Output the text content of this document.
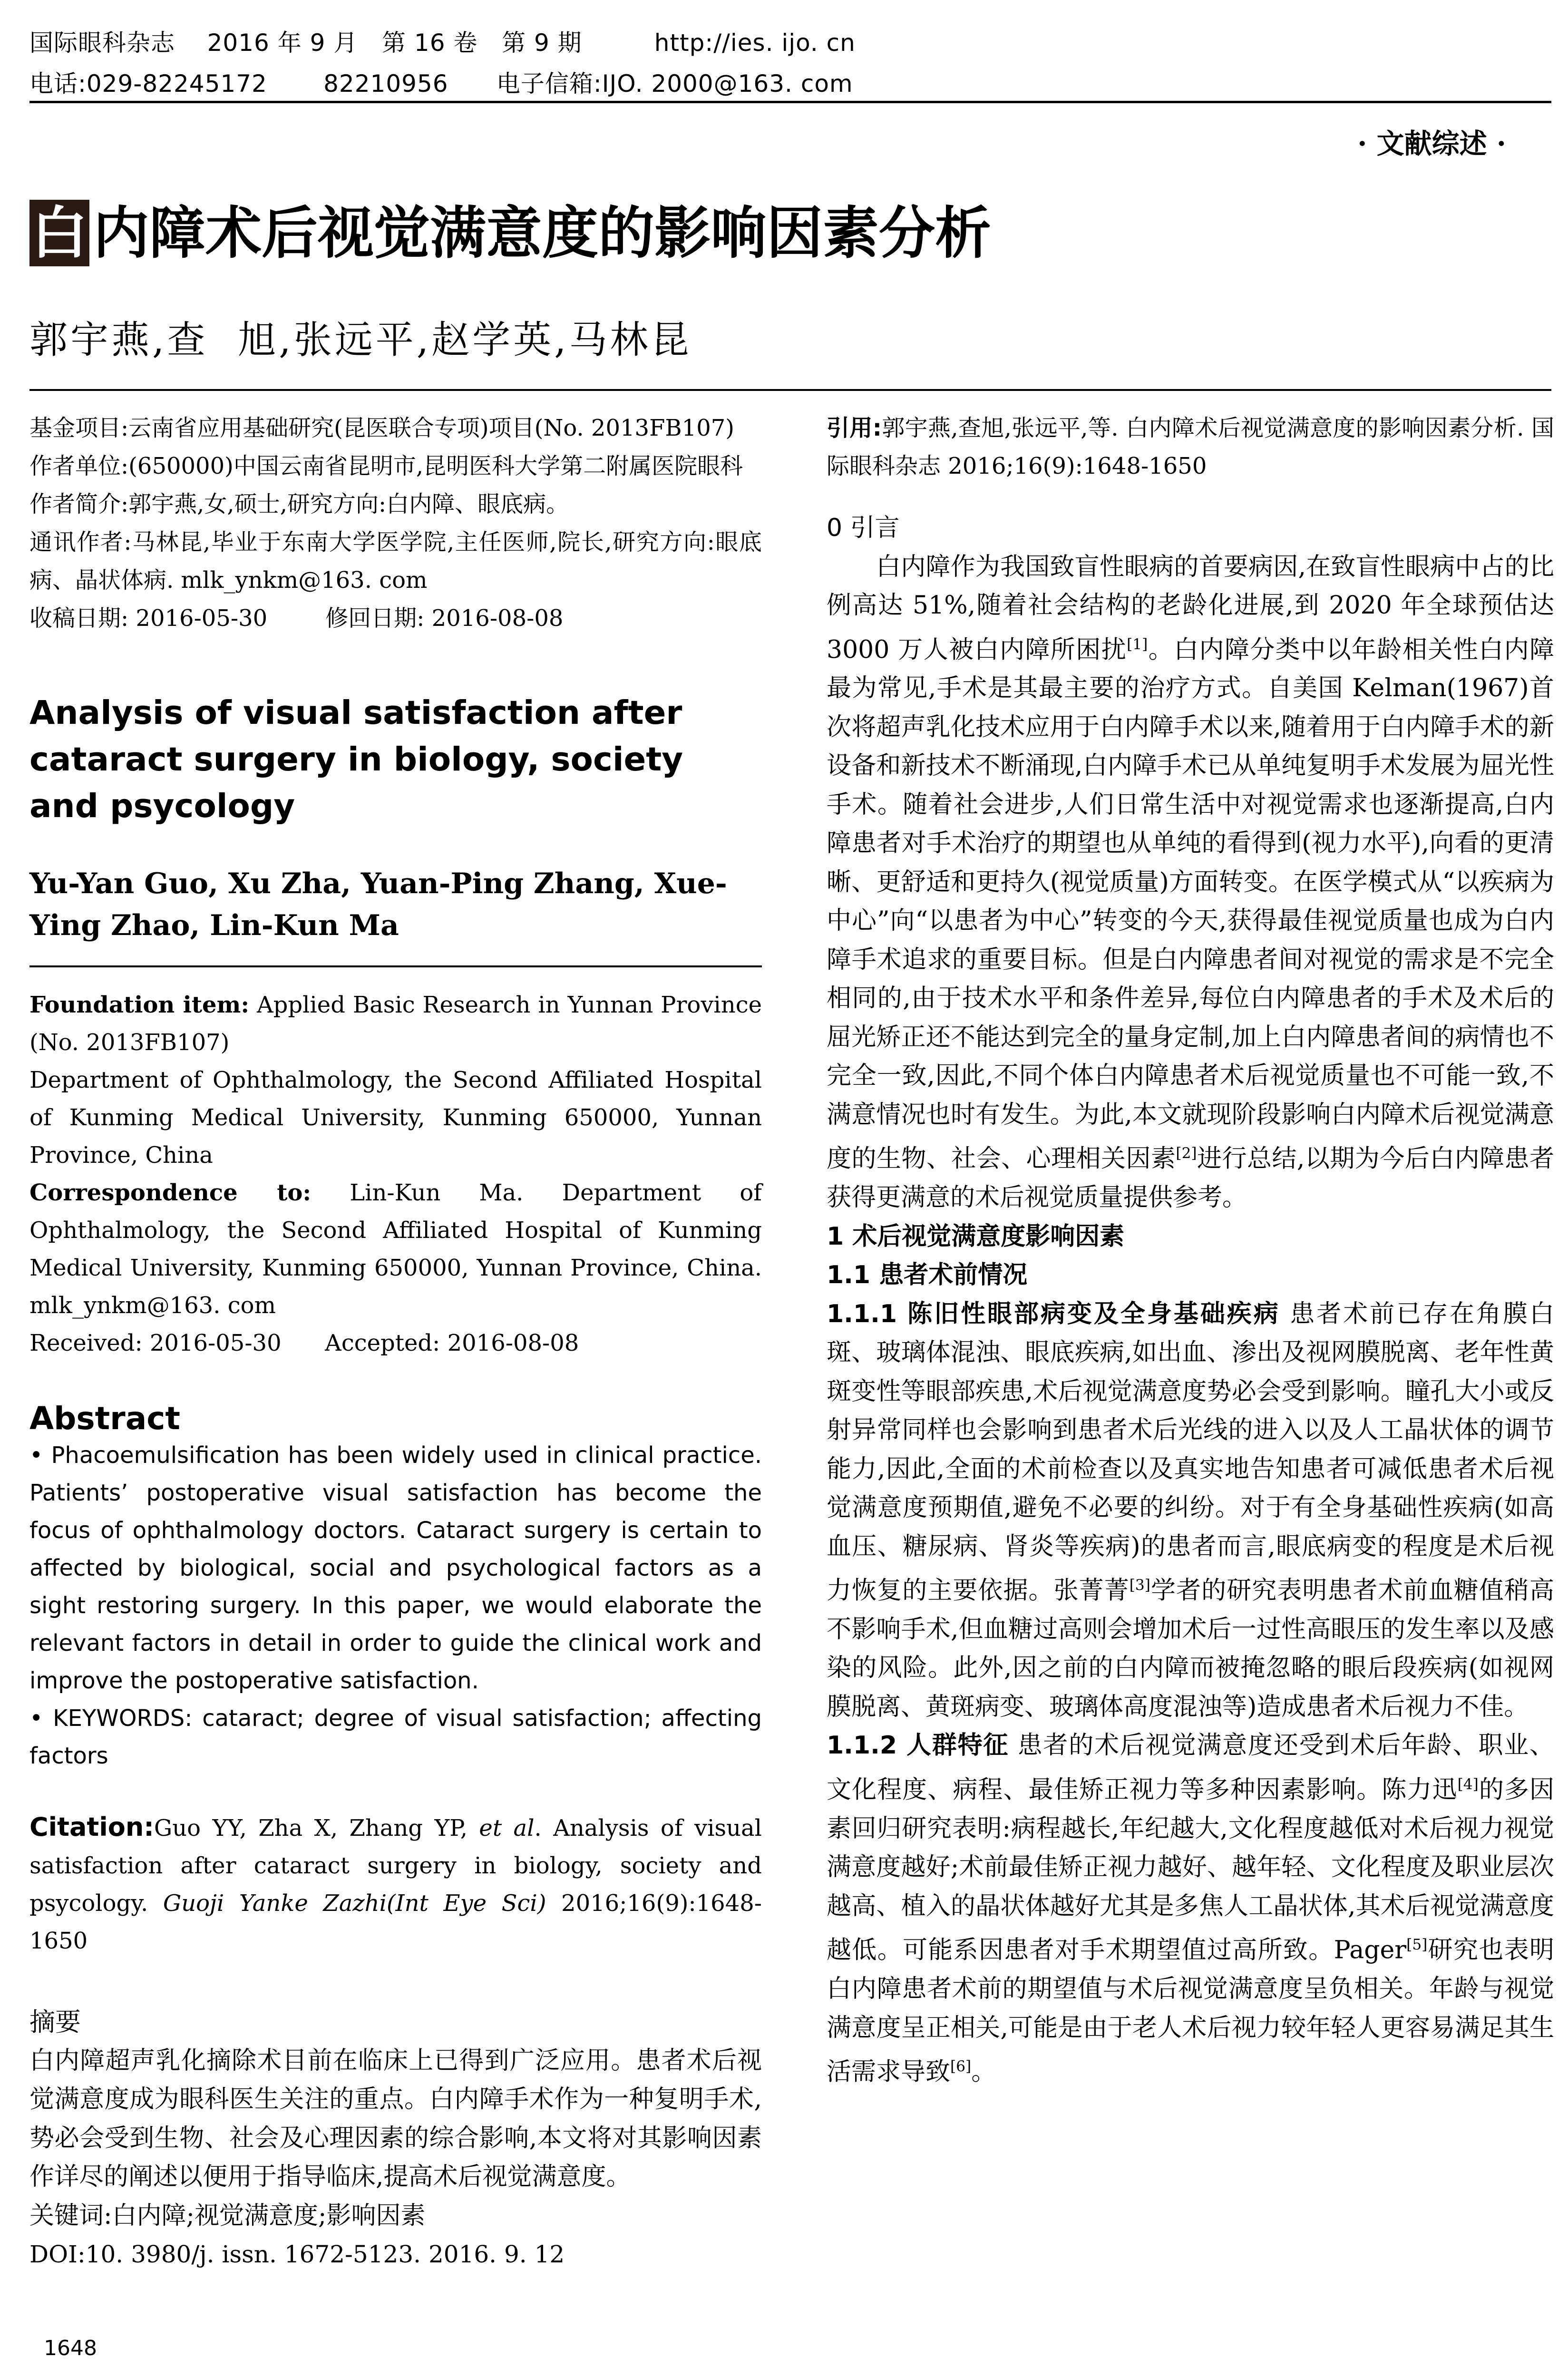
国际眼科杂志    2016 年 9 月   第 16 卷   第 9 期         http://ies. ijo. cn
电话:029-82245172       82210956      电子信箱:IJO. 2000@163. com
· 文献综述 ·
白 内障术后视觉满意度的影响因素分析
郭宇燕,查  旭,张远平,赵学英,马林昆

基金项目:云南省应用基础研究(昆医联合专项)项目(No. 2013FB107)

作者单位:(650000)中国云南省昆明市,昆明医科大学第二附属医院眼科

作者简介:郭宇燕,女,硕士,研究方向:白内障、眼底病。

通讯作者:马林昆,毕业于东南大学医学院,主任医师,院长,研究方向:眼底病、晶状体病. mlk_ynkm@163. com

收稿日期: 2016-05-30        修回日期: 2016-08-08

Analysis of visual satisfaction after cataract surgery in biology, society and psycology

Yu-Yan Guo, Xu Zha, Yuan-Ping Zhang, Xue-Ying Zhao, Lin-Kun Ma

Foundation item: Applied Basic Research in Yunnan Province (No. 2013FB107)

Department of Ophthalmology, the Second Affiliated Hospital of Kunming Medical University, Kunming 650000, Yunnan Province, China

Correspondence to: Lin-Kun Ma. Department of Ophthalmology, the Second Affiliated Hospital of Kunming Medical University, Kunming 650000, Yunnan Province, China. mlk_ynkm@163. com

Received: 2016-05-30      Accepted: 2016-08-08

Abstract

• Phacoemulsification has been widely used in clinical practice. Patients’ postoperative visual satisfaction has become the focus of ophthalmology doctors. Cataract surgery is certain to affected by biological, social and psychological factors as a sight restoring surgery. In this paper, we would elaborate the relevant factors in detail in order to guide the clinical work and improve the postoperative satisfaction.

• KEYWORDS: cataract; degree of visual satisfaction; affecting factors

Citation:Guo YY, Zha X, Zhang YP, et al. Analysis of visual satisfaction after cataract surgery in biology, society and psycology. Guoji Yanke Zazhi(Int Eye Sci) 2016;16(9):1648-1650

摘要

白内障超声乳化摘除术目前在临床上已得到广泛应用。患者术后视觉满意度成为眼科医生关注的重点。白内障手术作为一种复明手术,势必会受到生物、社会及心理因素的综合影响,本文将对其影响因素作详尽的阐述以便用于指导临床,提高术后视觉满意度。

关键词:白内障;视觉满意度;影响因素

DOI:10. 3980/j. issn. 1672-5123. 2016. 9. 12

1648

引用:郭宇燕,查旭,张远平,等. 白内障术后视觉满意度的影响因素分析. 国际眼科杂志 2016;16(9):1648-1650

0 引言

白内障作为我国致盲性眼病的首要病因,在致盲性眼病中占的比例高达 51%,随着社会结构的老龄化进展,到 2020 年全球预估达 3000 万人被白内障所困扰[1]。白内障分类中以年龄相关性白内障最为常见,手术是其最主要的治疗方式。自美国 Kelman(1967)首次将超声乳化技术应用于白内障手术以来,随着用于白内障手术的新设备和新技术不断涌现,白内障手术已从单纯复明手术发展为屈光性手术。随着社会进步,人们日常生活中对视觉需求也逐渐提高,白内障患者对手术治疗的期望也从单纯的看得到(视力水平),向看的更清晰、更舒适和更持久(视觉质量)方面转变。在医学模式从“以疾病为中心”向“以患者为中心”转变的今天,获得最佳视觉质量也成为白内障手术追求的重要目标。但是白内障患者间对视觉的需求是不完全相同的,由于技术水平和条件差异,每位白内障患者的手术及术后的屈光矫正还不能达到完全的量身定制,加上白内障患者间的病情也不完全一致,因此,不同个体白内障患者术后视觉质量也不可能一致,不满意情况也时有发生。为此,本文就现阶段影响白内障术后视觉满意度的生物、社会、心理相关因素[2]进行总结,以期为今后白内障患者获得更满意的术后视觉质量提供参考。

1 术后视觉满意度影响因素

1.1 患者术前情况

1.1.1 陈旧性眼部病变及全身基础疾病 患者术前已存在角膜白斑、玻璃体混浊、眼底疾病,如出血、渗出及视网膜脱离、老年性黄斑变性等眼部疾患,术后视觉满意度势必会受到影响。瞳孔大小或反射异常同样也会影响到患者术后光线的进入以及人工晶状体的调节能力,因此,全面的术前检查以及真实地告知患者可减低患者术后视觉满意度预期值,避免不必要的纠纷。对于有全身基础性疾病(如高血压、糖尿病、肾炎等疾病)的患者而言,眼底病变的程度是术后视力恢复的主要依据。张菁菁[3]学者的研究表明患者术前血糖值稍高不影响手术,但血糖过高则会增加术后一过性高眼压的发生率以及感染的风险。此外,因之前的白内障而被掩忽略的眼后段疾病(如视网膜脱离、黄斑病变、玻璃体高度混浊等)造成患者术后视力不佳。

1.1.2 人群特征 患者的术后视觉满意度还受到术后年龄、职业、文化程度、病程、最佳矫正视力等多种因素影响。陈力迅[4]的多因素回归研究表明:病程越长,年纪越大,文化程度越低对术后视力视觉满意度越好;术前最佳矫正视力越好、越年轻、文化程度及职业层次越高、植入的晶状体越好尤其是多焦人工晶状体,其术后视觉满意度越低。可能系因患者对手术期望值过高所致。Pager[5]研究也表明白内障患者术前的期望值与术后视觉满意度呈负相关。年龄与视觉满意度呈正相关,可能是由于老人术后视力较年轻人更容易满足其生活需求导致[6]。
